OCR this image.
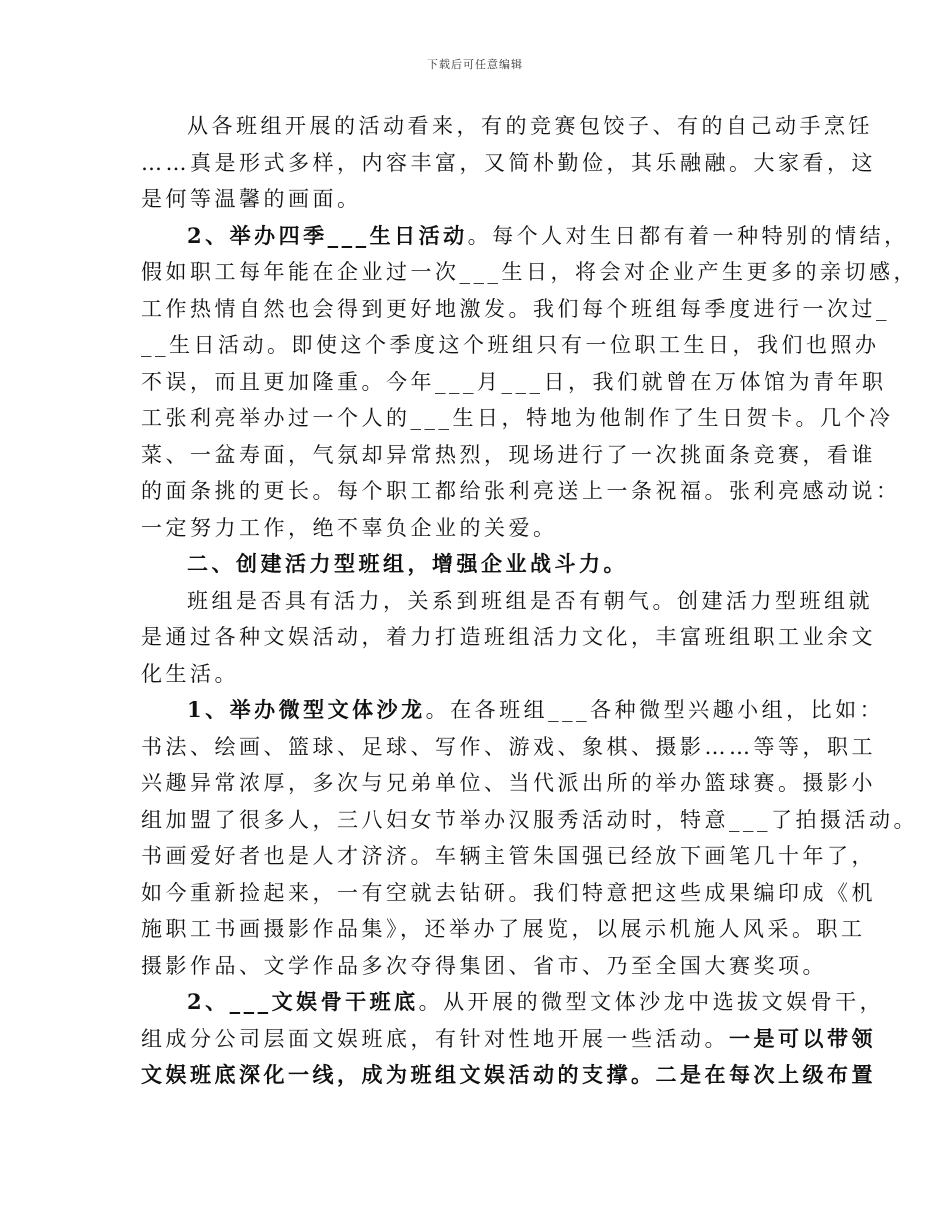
下载后可任意编辑
从各班组开展的活动看来，有的竞赛包饺子、有的自己动手烹饪
……真是形式多样，内容丰富，又简朴勤俭，其乐融融。大家看，这
是何等温馨的画面。
2、举办四季___生日活动。每个人对生日都有着一种特别的情结，
假如职工每年能在企业过一次___生日，将会对企业产生更多的亲切感，
工作热情自然也会得到更好地激发。我们每个班组每季度进行一次过_
__生日活动。即使这个季度这个班组只有一位职工生日，我们也照办
不误，而且更加隆重。今年___月___日，我们就曾在万体馆为青年职
工张利亮举办过一个人的___生日，特地为他制作了生日贺卡。几个冷
菜、一盆寿面，气氛却异常热烈，现场进行了一次挑面条竞赛，看谁
的面条挑的更长。每个职工都给张利亮送上一条祝福。张利亮感动说：
一定努力工作，绝不辜负企业的关爱。
二、创建活力型班组，增强企业战斗力。
班组是否具有活力，关系到班组是否有朝气。创建活力型班组就
是通过各种文娱活动，着力打造班组活力文化，丰富班组职工业余文
化生活。
1、举办微型文体沙龙。在各班组___各种微型兴趣小组，比如：
书法、绘画、篮球、足球、写作、游戏、象棋、摄影……等等，职工
兴趣异常浓厚，多次与兄弟单位、当代派出所的举办篮球赛。摄影小
组加盟了很多人，三八妇女节举办汉服秀活动时，特意___了拍摄活动。
书画爱好者也是人才济济。车辆主管朱国强已经放下画笔几十年了，
如今重新捡起来，一有空就去钻研。我们特意把这些成果编印成《机
施职工书画摄影作品集》，还举办了展览，以展示机施人风采。职工
摄影作品、文学作品多次夺得集团、省市、乃至全国大赛奖项。
2、___文娱骨干班底。从开展的微型文体沙龙中选拔文娱骨干，
组成分公司层面文娱班底，有针对性地开展一些活动。一是可以带领
文娱班底深化一线，成为班组文娱活动的支撑。二是在每次上级布置
